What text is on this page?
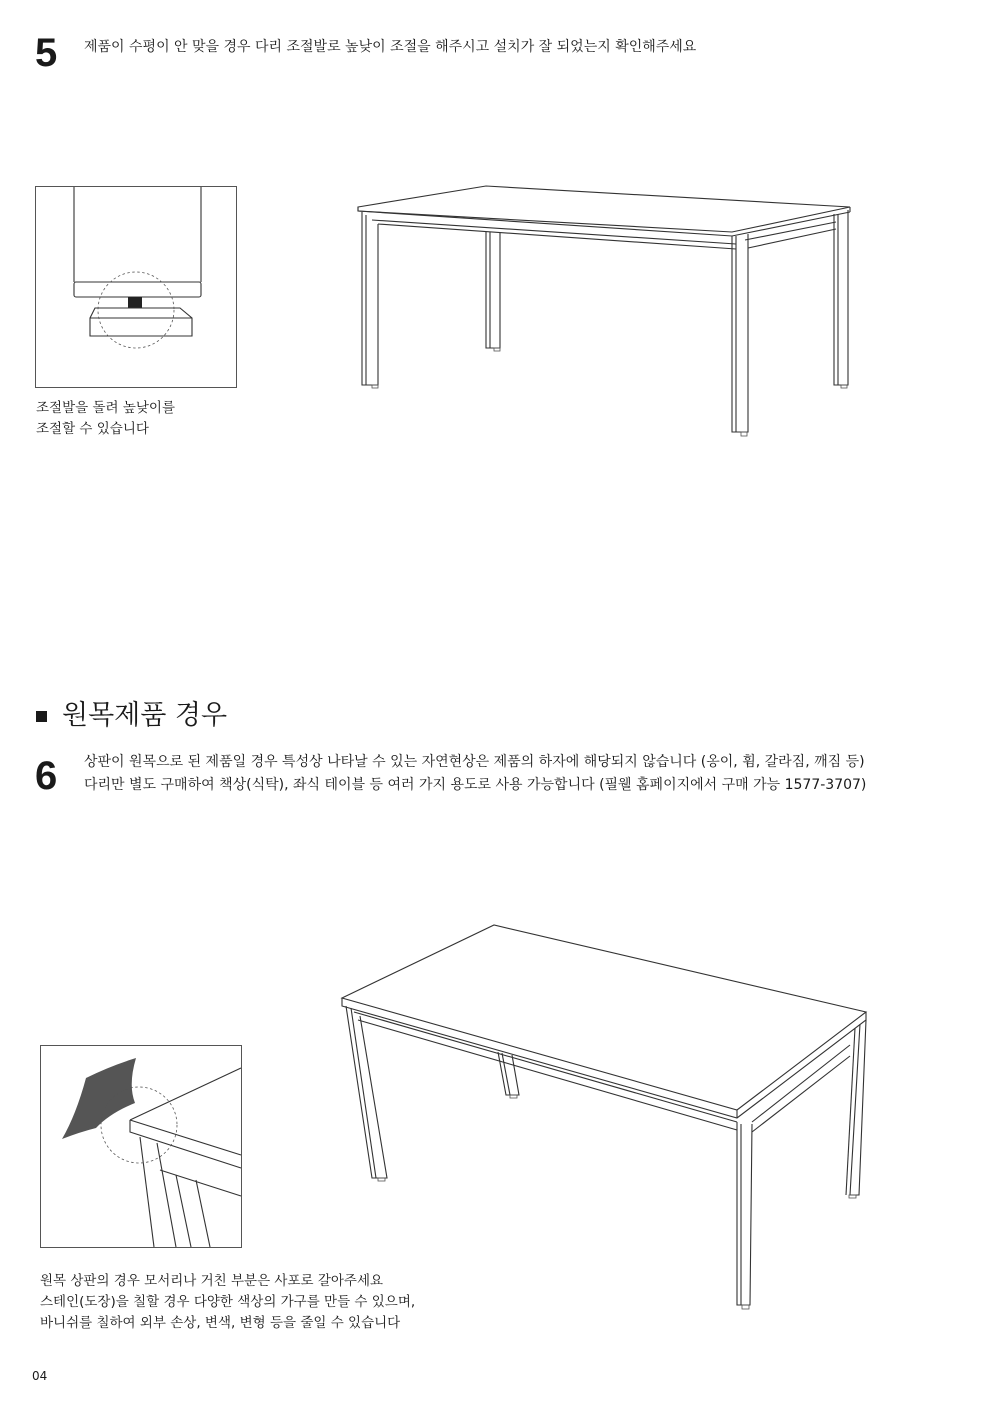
5 제품이 수평이 안 맞을 경우 다리 조절발로 높낮이 조절을 해주시고 설치가 잘 되었는지 확인해주세요
조절발을 돌려 높낮이를
조절할 수 있습니다
원목제품 경우
6 상판이 원목으로 된 제품일 경우 특성상 나타날 수 있는 자연현상은 제품의 하자에 해당되지 않습니다 (옹이, 휨, 갈라짐, 깨짐 등)
다리만 별도 구매하여 책상(식탁), 좌식 테이블 등 여러 가지 용도로 사용 가능합니다 (필웰 홈페이지에서 구매 가능 1577-3707)
원목 상판의 경우 모서리나 거친 부분은 사포로 갈아주세요
스테인(도장)을 칠할 경우 다양한 색상의 가구를 만들 수 있으며,
바니쉬를 칠하여 외부 손상, 변색, 변형 등을 줄일 수 있습니다
04
